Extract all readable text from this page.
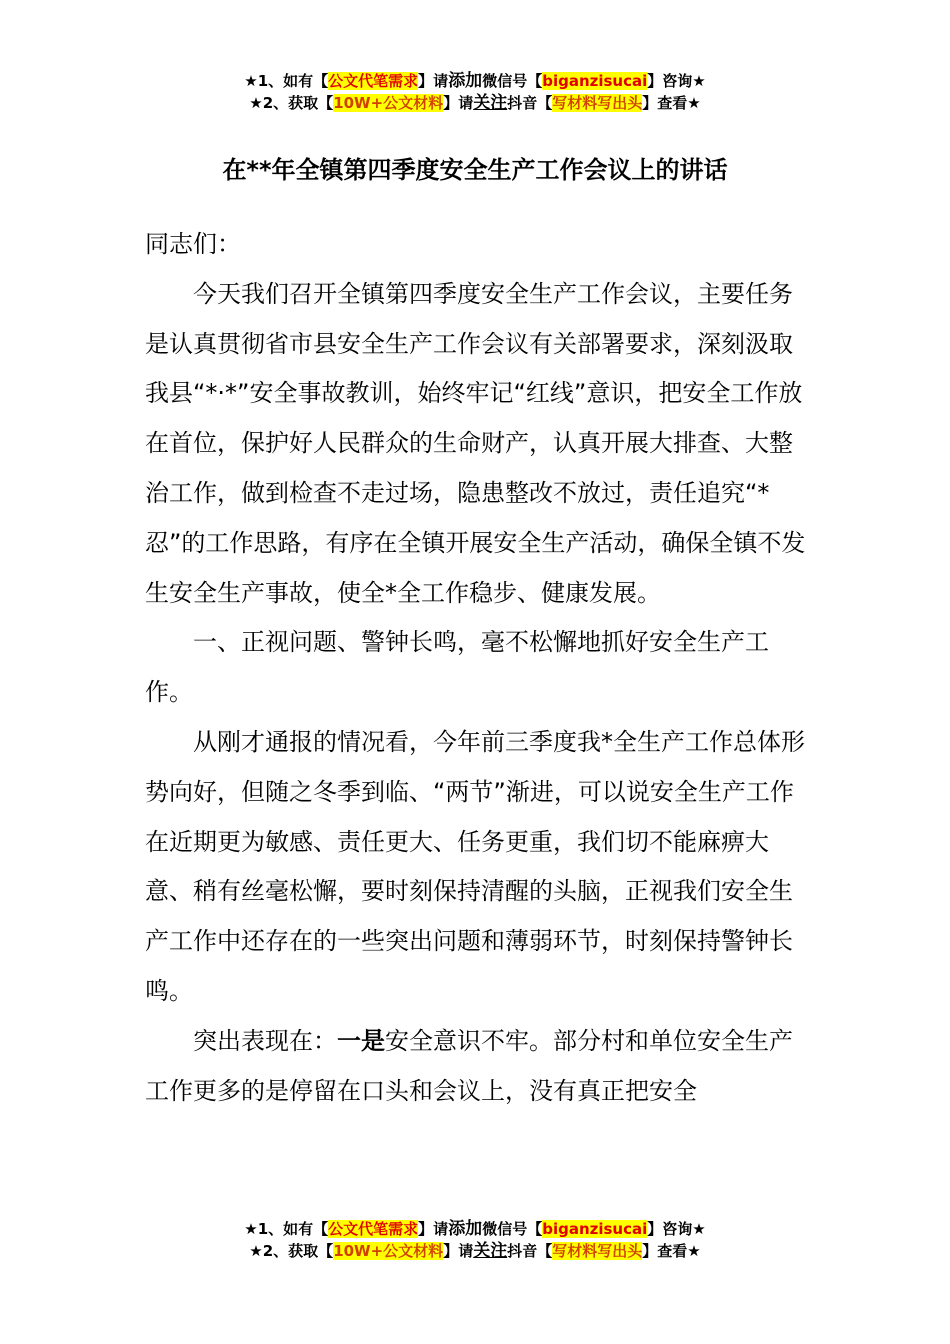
★1、如有【公文代笔需求】请添加微信号【biganzisucai】咨询★
★2、获取【10W+公文材料】请关注抖音【写材料写出头】查看★
在**年全镇第四季度安全生产工作会议上的讲话

同志们：

今天我们召开全镇第四季度安全生产工作会议，主要任务是认真贯彻省市县安全生产工作会议有关部署要求，深刻汲取我县“*·*”安全事故教训，始终牢记“红线”意识，把安全工作放在首位，保护好人民群众的生命财产，认真开展大排查、大整治工作，做到检查不走过场，隐患整改不放过，责任追究“*忍”的工作思路，有序在全镇开展安全生产活动，确保全镇不发生安全生产事故，使全*全工作稳步、健康发展。

一、正视问题、警钟长鸣，毫不松懈地抓好安全生产工作。

从刚才通报的情况看，今年前三季度我*全生产工作总体形势向好，但随之冬季到临、“两节”渐进，可以说安全生产工作在近期更为敏感、责任更大、任务更重，我们切不能麻痹大意、稍有丝毫松懈，要时刻保持清醒的头脑，正视我们安全生产工作中还存在的一些突出问题和薄弱环节，时刻保持警钟长鸣。

突出表现在：一是安全意识不牢。部分村和单位安全生产工作更多的是停留在口头和会议上，没有真正把安全

★1、如有【公文代笔需求】请添加微信号【biganzisucai】咨询★
★2、获取【10W+公文材料】请关注抖音【写材料写出头】查看★
